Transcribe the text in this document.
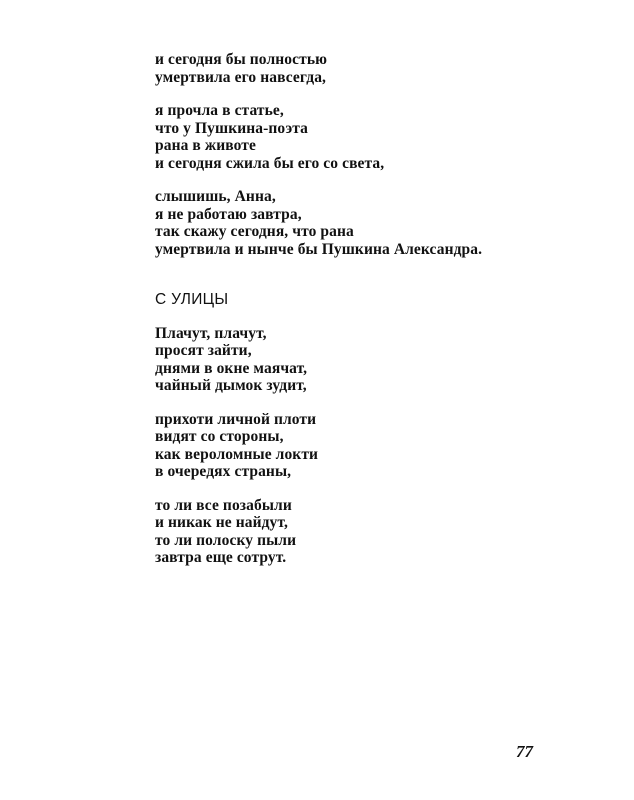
и сегодня бы полностью
умертвила его навсегда,
я прочла в статье,
что у Пушкина-поэта
рана в животе
и сегодня сжила бы его со света,
слышишь, Анна,
я не работаю завтра,
так скажу сегодня, что рана
умертвила и нынче бы Пушкина Александра.
С УЛИЦЫ
Плачут, плачут,
просят зайти,
днями в окне маячат,
чайный дымок зудит,
прихоти личной плоти
видят со стороны,
как вероломные локти
в очередях страны,
то ли все позабыли
и никак не найдут,
то ли полоску пыли
завтра еще сотрут.
77
